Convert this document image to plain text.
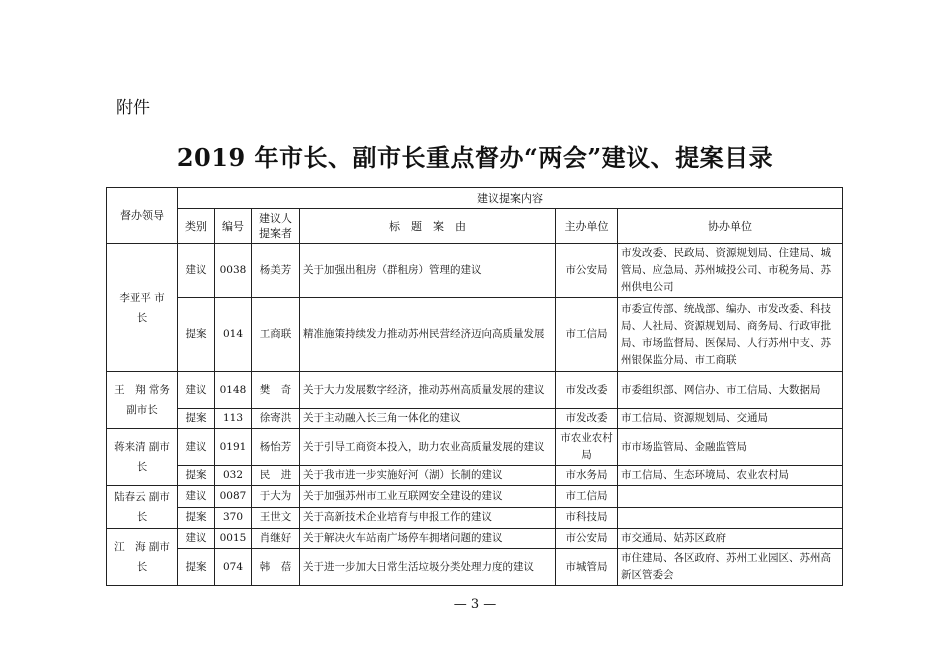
附件
2019 年市长、副市长重点督办“两会”建议、提案目录
督办领导	建议提案内容					
	类别	编号	建议人提案者	标　题　案　由	主办单位	协办单位
李亚平 市　长	建议	0038	杨美芳	关于加强出租房（群租房）管理的建议	市公安局	市发改委、民政局、资源规划局、住建局、城管局、应急局、苏州城投公司、市税务局、苏州供电公司
	提案	014	工商联	精准施策持续发力推动苏州民营经济迈向高质量发展	市工信局	市委宣传部、统战部、编办、市发改委、科技局、人社局、资源规划局、商务局、行政审批局、市场监督局、医保局、人行苏州中支、苏州银保监分局、市工商联
王　翔 常务副市长	建议	0148	樊　奇	关于大力发展数字经济，推动苏州高质量发展的建议	市发改委	市委组织部、网信办、市工信局、大数据局
	提案	113	徐寄洪	关于主动融入长三角一体化的建议	市发改委	市工信局、资源规划局、交通局
蒋来清 副市长	建议	0191	杨怡芳	关于引导工商资本投入，助力农业高质量发展的建议	市农业农村局	市市场监管局、金融监管局
	提案	032	民　进	关于我市进一步实施好河（湖）长制的建议	市水务局	市工信局、生态环境局、农业农村局
陆春云 副市长	建议	0087	于大为	关于加强苏州市工业互联网安全建设的建议	市工信局	
	提案	370	王世文	关于高新技术企业培育与申报工作的建议	市科技局	
江　海 副市长	建议	0015	肖继好	关于解决火车站南广场停车拥堵问题的建议	市公安局	市交通局、姑苏区政府
	提案	074	韩　蓓	关于进一步加大日常生活垃圾分类处理力度的建议	市城管局	市住建局、各区政府、苏州工业园区、苏州高新区管委会
— 3 —
